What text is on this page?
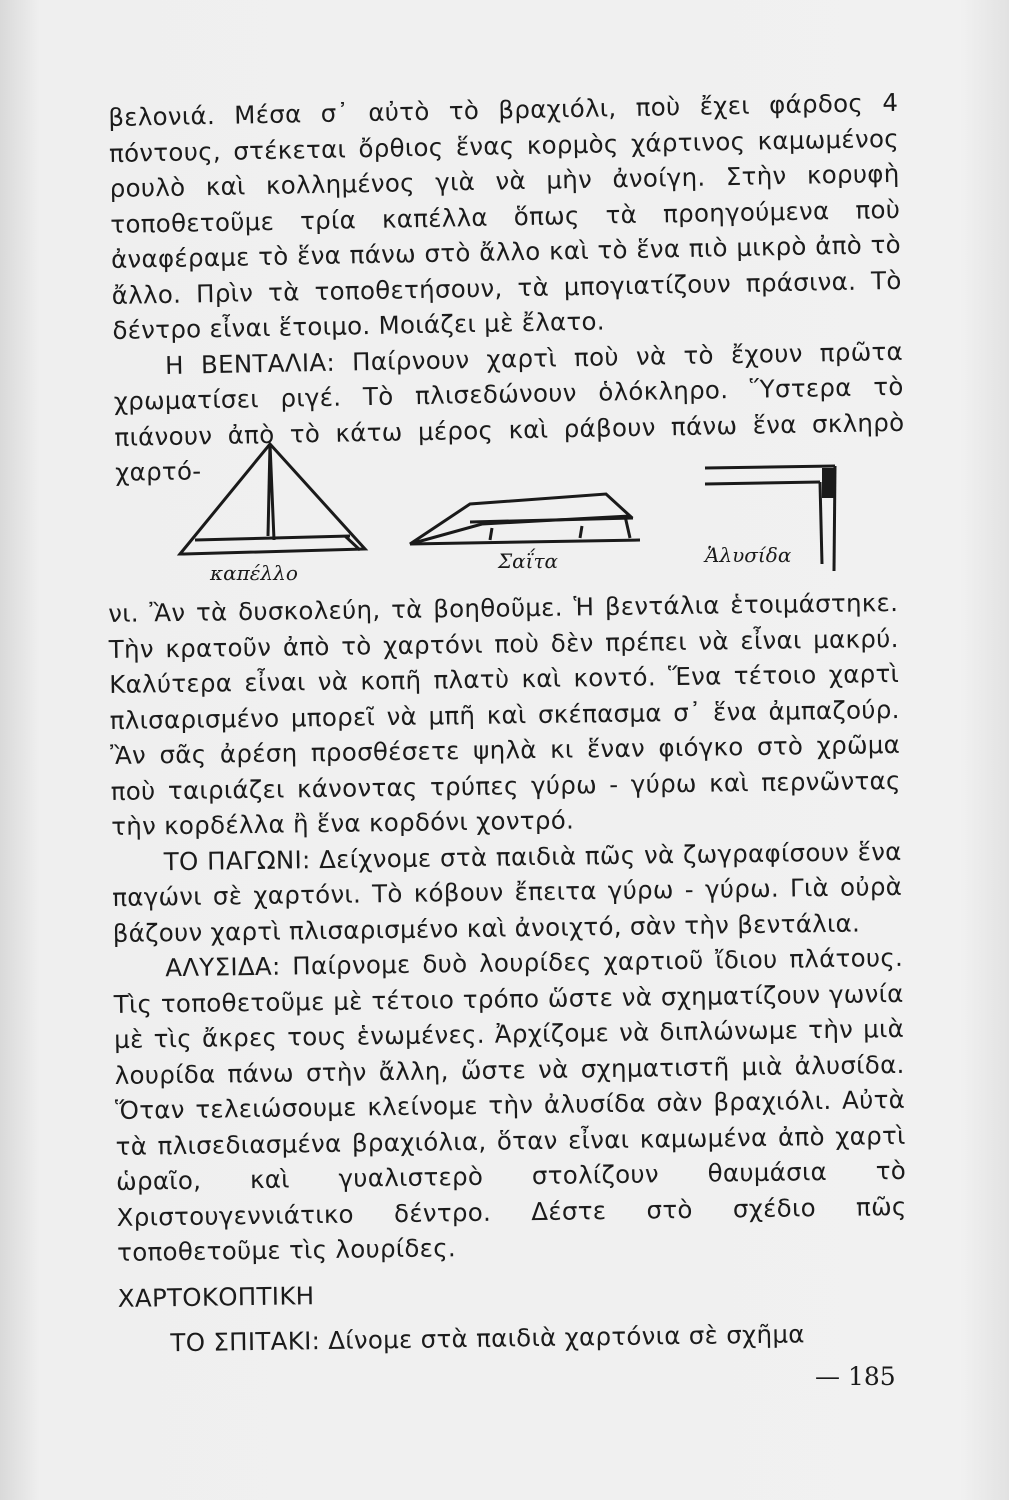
βελονιά. Μέσα σ᾽ αὐτὸ τὸ βραχιόλι, ποὺ ἔχει φάρδος 4 πόντους, στέκεται ὄρθιος ἕνας κορμὸς χάρτινος καμωμένος ρουλὸ καὶ κολλημένος γιὰ νὰ μὴν ἀνοίγη. Στὴν κορυφὴ τοποθετοῦμε τρία καπέλλα ὅπως τὰ προηγούμενα ποὺ ἀναφέραμε τὸ ἕνα πάνω στὸ ἄλλο καὶ τὸ ἕνα πιὸ μικρὸ ἀπὸ τὸ ἄλλο. Πρὶν τὰ τοποθετήσουν, τὰ μπογιατίζουν πράσινα. Τὸ δέντρο εἶναι ἕτοιμο. Μοιάζει μὲ ἔλατο.

Η ΒΕΝΤΑΛΙΑ: Παίρνουν χαρτὶ ποὺ νὰ τὸ ἔχουν πρῶτα χρωματίσει ριγέ. Τὸ πλισεδώνουν ὁλόκληρο. Ὕστερα τὸ πιάνουν ἀπὸ τὸ κάτω μέρος καὶ ράβουν πάνω ἕνα σκληρὸ χαρτό-

καπέλλο	Σαΐτα	Ἁλυσίδα

νι. Ἂν τὰ δυσκολεύη, τὰ βοηθοῦμε. Ἡ βεντάλια ἑτοιμάστηκε. Τὴν κρατοῦν ἀπὸ τὸ χαρτόνι ποὺ δὲν πρέπει νὰ εἶναι μακρύ. Καλύτερα εἶναι νὰ κοπῆ πλατὺ καὶ κοντό. Ἕνα τέτοιο χαρτὶ πλισαρισμένο μπορεῖ νὰ μπῆ καὶ σκέπασμα σ᾽ ἕνα ἀμπαζούρ. Ἂν σᾶς ἀρέση προσθέσετε ψηλὰ κι ἕναν φιόγκο στὸ χρῶμα ποὺ ταιριάζει κάνοντας τρύπες γύρω - γύρω καὶ περνῶντας τὴν κορδέλλα ἢ ἕνα κορδόνι χοντρό.

ΤΟ ΠΑΓΩΝΙ: Δείχνομε στὰ παιδιὰ πῶς νὰ ζωγραφίσουν ἕνα παγώνι σὲ χαρτόνι. Τὸ κόβουν ἔπειτα γύρω - γύρω. Γιὰ οὐρὰ βάζουν χαρτὶ πλισαρισμένο καὶ ἀνοιχτό, σὰν τὴν βεντάλια.

ΑΛΥΣΙΔΑ: Παίρνομε δυὸ λουρίδες χαρτιοῦ ἴδιου πλάτους. Τὶς τοποθετοῦμε μὲ τέτοιο τρόπο ὥστε νὰ σχηματίζουν γωνία μὲ τὶς ἄκρες τους ἑνωμένες. Ἀρχίζομε νὰ διπλώνωμε τὴν μιὰ λουρίδα πάνω στὴν ἄλλη, ὥστε νὰ σχηματιστῆ μιὰ ἀλυσίδα. Ὅταν τελειώσουμε κλείνομε τὴν ἀλυσίδα σὰν βραχιόλι. Αὐτὰ τὰ πλισεδιασμένα βραχιόλια, ὅταν εἶναι καμωμένα ἀπὸ χαρτὶ ὡραῖο, καὶ γυαλιστερὸ στολίζουν θαυμάσια τὸ Χριστουγεννιάτικο δέντρο. Δέστε στὸ σχέδιο πῶς τοποθετοῦμε τὶς λουρίδες.

ΧΑΡΤΟΚΟΠΤΙΚΗ

ΤΟ ΣΠΙΤΑΚΙ: Δίνομε στὰ παιδιὰ χαρτόνια σὲ σχῆμα

— 185
